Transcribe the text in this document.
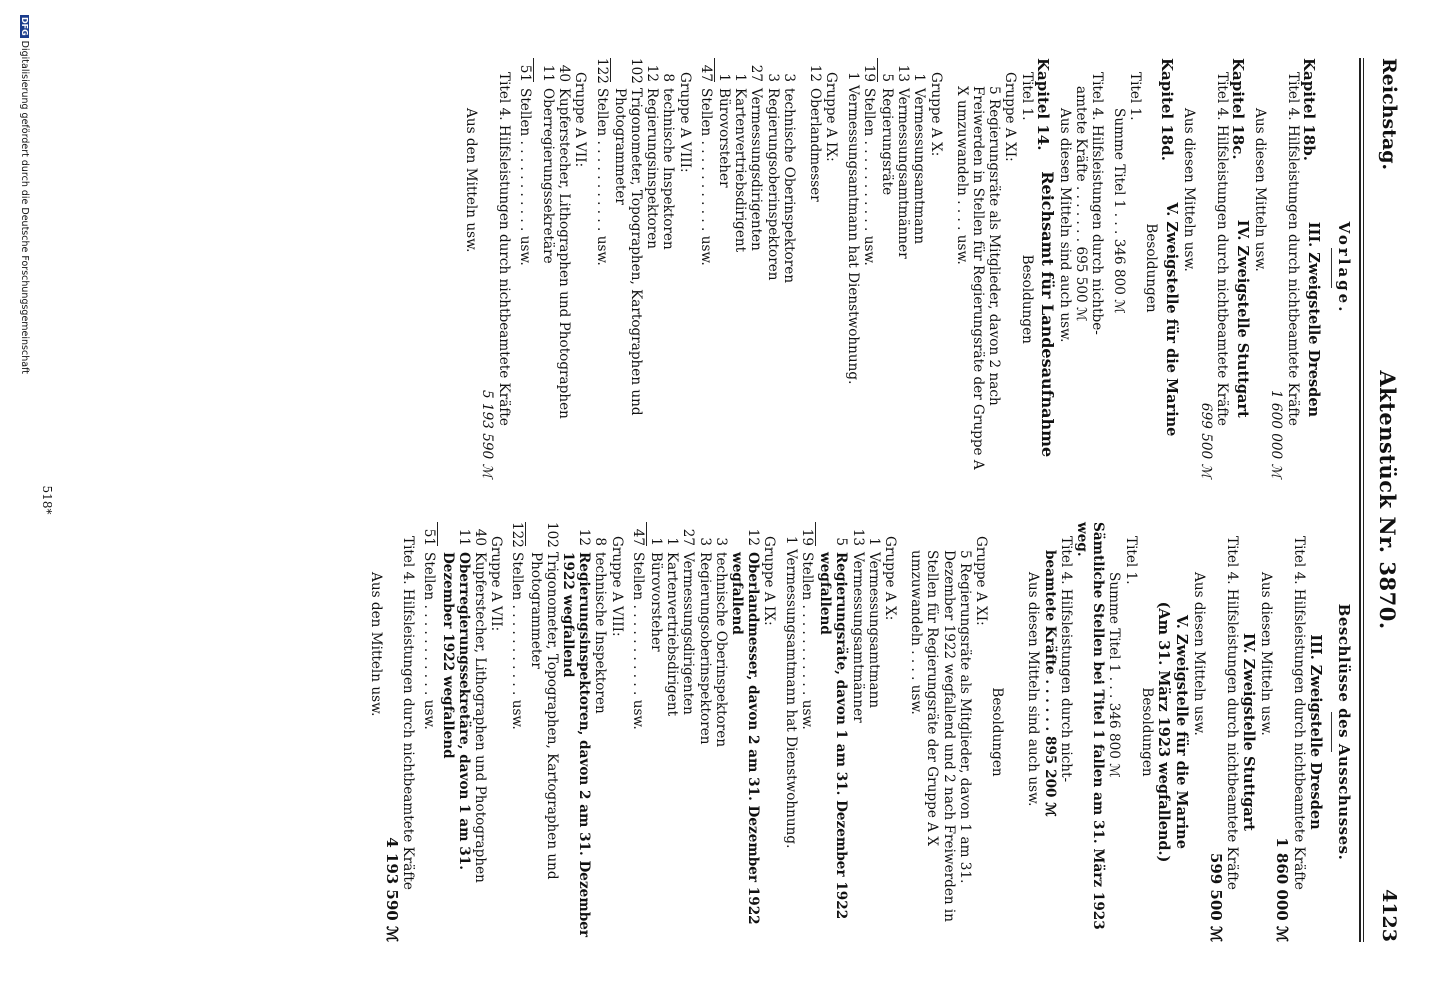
Reichstag.
Aktenstück Nr. 3870.
4123
Vorlage.
Kapitel 18b.
III. Zweigstelle Dresden
Titel 4. Hilfsleistungen durch nichtbeamtete Kräfte
1 600 000 ℳ
Aus diesen Mitteln usw.
Kapitel 18c.
IV. Zweigstelle Stuttgart
Titel 4. Hilfsleistungen durch nichtbeamtete Kräfte
699 500 ℳ
Aus diesen Mitteln usw.
Kapitel 18d.
V. Zweigstelle für die Marine
Besoldungen
Titel 1.
Summe Titel 1 . . . 346 800 ℳ
Titel 4. Hilfsleistungen durch nichtbe-
amtete Kräfte . . . . . . . 695 500 ℳ
Aus diesen Mitteln sind auch usw.
Kapitel 14.
Reichsamt für Landesaufnahme
Titel 1.
Besoldungen
Gruppe A XI:
5 Regierungsräte als Mitglieder, davon 2 nach Freiwerden in Stellen für Regierungsräte der Gruppe A X umzuwandeln . . . . usw.
Gruppe A X:
1
Vermessungsamtmann
13
Vermessungsamtmänner
5
Regierungsräte
19
Stellen . . . . . . . . . . . usw.
1 Vermessungsamtmann hat Dienstwohnung.
Gruppe A IX:
12
Oberlandmesser
3
technische Oberinspektoren
3
Regierungsoberinspektoren
27
Vermessungsdirigenten
1
Kartenvertriebsdirigent
1
Bürovorsteher
47
Stellen . . . . . . . . . . . usw.
Gruppe A VIII:
8
technische Inspektoren
12
Regierungsinspektoren
102
Trigonometer, Topographen, Kartographen und Photogrammeter
122
Stellen . . . . . . . . . . . usw.
Gruppe A VII:
40
Kupferstecher, Lithographen und Photographen
11
Oberregierungssekretäre
51
Stellen . . . . . . . . . . . usw.
Titel 4. Hilfsleistungen durch nichtbeamtete Kräfte
5 193 590 ℳ
Aus den Mitteln usw.
Beschlüsse des Ausschusses.
III. Zweigstelle Dresden
Titel 4. Hilfsleistungen durch nichtbeamtete Kräfte
1 860 000 ℳ
Aus diesen Mitteln usw.
IV. Zweigstelle Stuttgart
Titel 4. Hilfsleistungen durch nichtbeamtete Kräfte
599 500 ℳ
Aus diesen Mitteln usw.
V. Zweigstelle für die Marine
(Am 31. März 1923 wegfallend.)
Besoldungen
Titel 1.
Summe Titel 1 . . . 346 800 ℳ
Sämtliche Stellen bei Titel 1 fallen am 31. März 1923 weg.
Titel 4. Hilfsleistungen durch nicht-
beamtete Kräfte . . . . . . 895 200 ℳ
Aus diesen Mitteln sind auch usw.
Besoldungen
Gruppe A XI:
5 Regierungsräte als Mitglieder, davon 1 am 31. Dezember 1922 wegfallend und 2 nach Freiwerden in Stellen für Regierungsräte der Gruppe A X umzuwandeln . . . . usw.
Gruppe A X:
1
Vermessungsamtmann
13
Vermessungsamtmänner
5
Regierungsräte, davon 1 am 31. Dezember 1922 wegfallend
19
Stellen . . . . . . . . . . . usw.
1 Vermessungsamtmann hat Dienstwohnung.
Gruppe A IX:
12
Oberlandmesser, davon 2 am 31. Dezember 1922 wegfallend
3
technische Oberinspektoren
3
Regierungsoberinspektoren
27
Vermessungsdirigenten
1
Kartenvertriebsdirigent
1
Bürovorsteher
47
Stellen . . . . . . . . . . . usw.
Gruppe A VIII:
8
technische Inspektoren
12
Regierungsinspektoren, davon 2 am 31. Dezember 1922 wegfallend
102
Trigonometer, Topographen, Kartographen und Photogrammeter
122
Stellen . . . . . . . . . . . usw.
Gruppe A VII:
40
Kupferstecher, Lithographen und Photographen
11
Oberregierungssekretäre, davon 1 am 31. Dezember 1922 wegfallend
51
Stellen . . . . . . . . . . . usw.
Titel 4. Hilfsleistungen durch nichtbeamtete Kräfte
4 193 590 ℳ
Aus den Mitteln usw.
518*
DFGDigitalisierung gefördert durch die Deutsche Forschungsgemeinschaft
